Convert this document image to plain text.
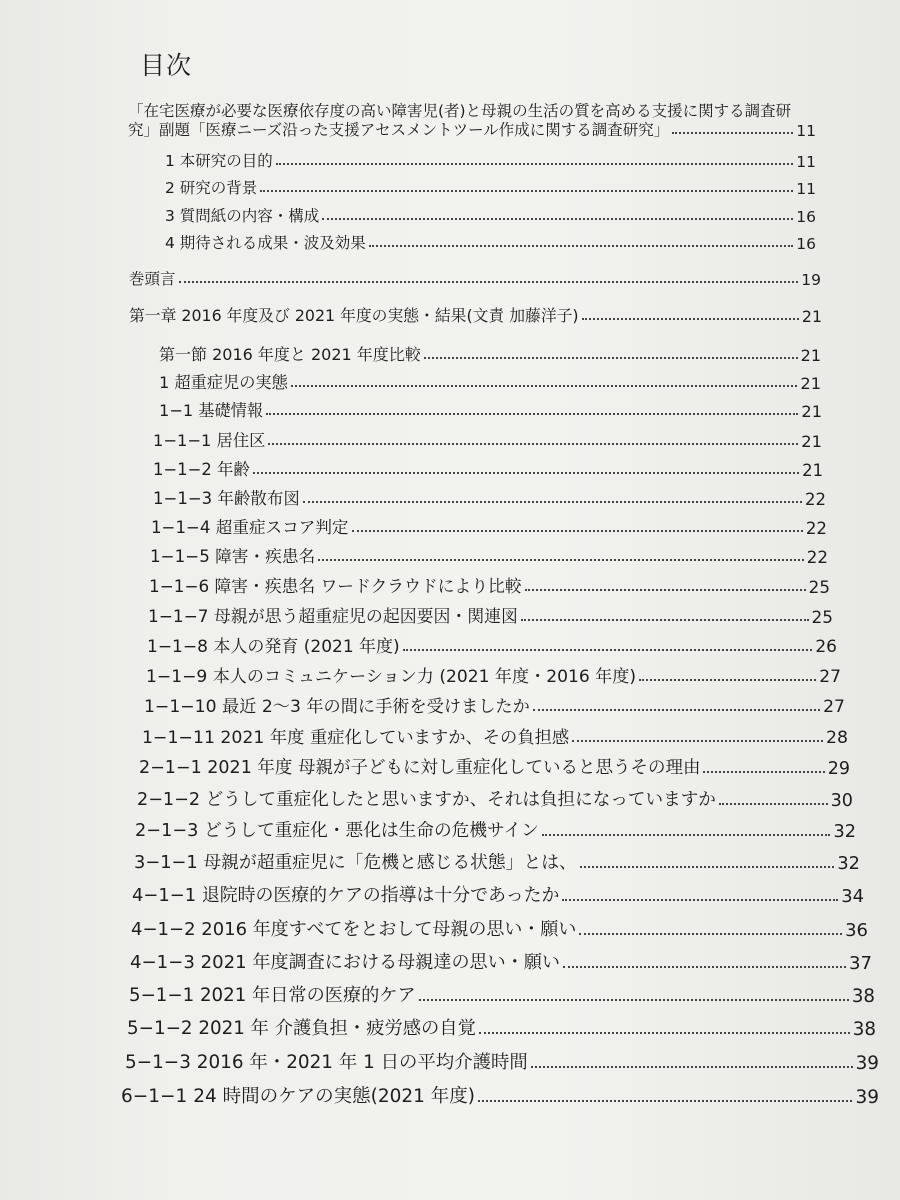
目次
「在宅医療が必要な医療依存度の高い障害児(者)と母親の生活の質を高める支援に関する調査研
究」副題「医療ニーズ沿った支援アセスメントツール作成に関する調査研究」	11
1 本研究の目的	11
2 研究の背景	11
3 質問紙の内容・構成	16
4 期待される成果・波及効果	16
巻頭言	19
第一章 2016 年度及び 2021 年度の実態・結果(文責 加藤洋子)	21
第一節 2016 年度と 2021 年度比較	21
1 超重症児の実態	21
1−1 基礎情報	21
1−1−1 居住区	21
1−1−2 年齢	21
1−1−3 年齢散布図	22
1−1−4 超重症スコア判定	22
1−1−5 障害・疾患名	22
1−1−6 障害・疾患名 ワードクラウドにより比較	25
1−1−7 母親が思う超重症児の起因要因・関連図	25
1−1−8 本人の発育 (2021 年度)	26
1−1−9 本人のコミュニケーション力 (2021 年度・2016 年度)	27
1−1−10 最近 2〜3 年の間に手術を受けましたか	27
1−1−11 2021 年度 重症化していますか、その負担感	28
2−1−1 2021 年度 母親が子どもに対し重症化していると思うその理由	29
2−1−2 どうして重症化したと思いますか、それは負担になっていますか	30
2−1−3 どうして重症化・悪化は生命の危機サイン	32
3−1−1 母親が超重症児に「危機と感じる状態」とは、	32
4−1−1 退院時の医療的ケアの指導は十分であったか	34
4−1−2 2016 年度すべてをとおして母親の思い・願い	36
4−1−3 2021 年度調査における母親達の思い・願い	37
5−1−1 2021 年日常の医療的ケア	38
5−1−2 2021 年 介護負担・疲労感の自覚	38
5−1−3 2016 年・2021 年 1 日の平均介護時間	39
6−1−1 24 時間のケアの実態(2021 年度)	39
